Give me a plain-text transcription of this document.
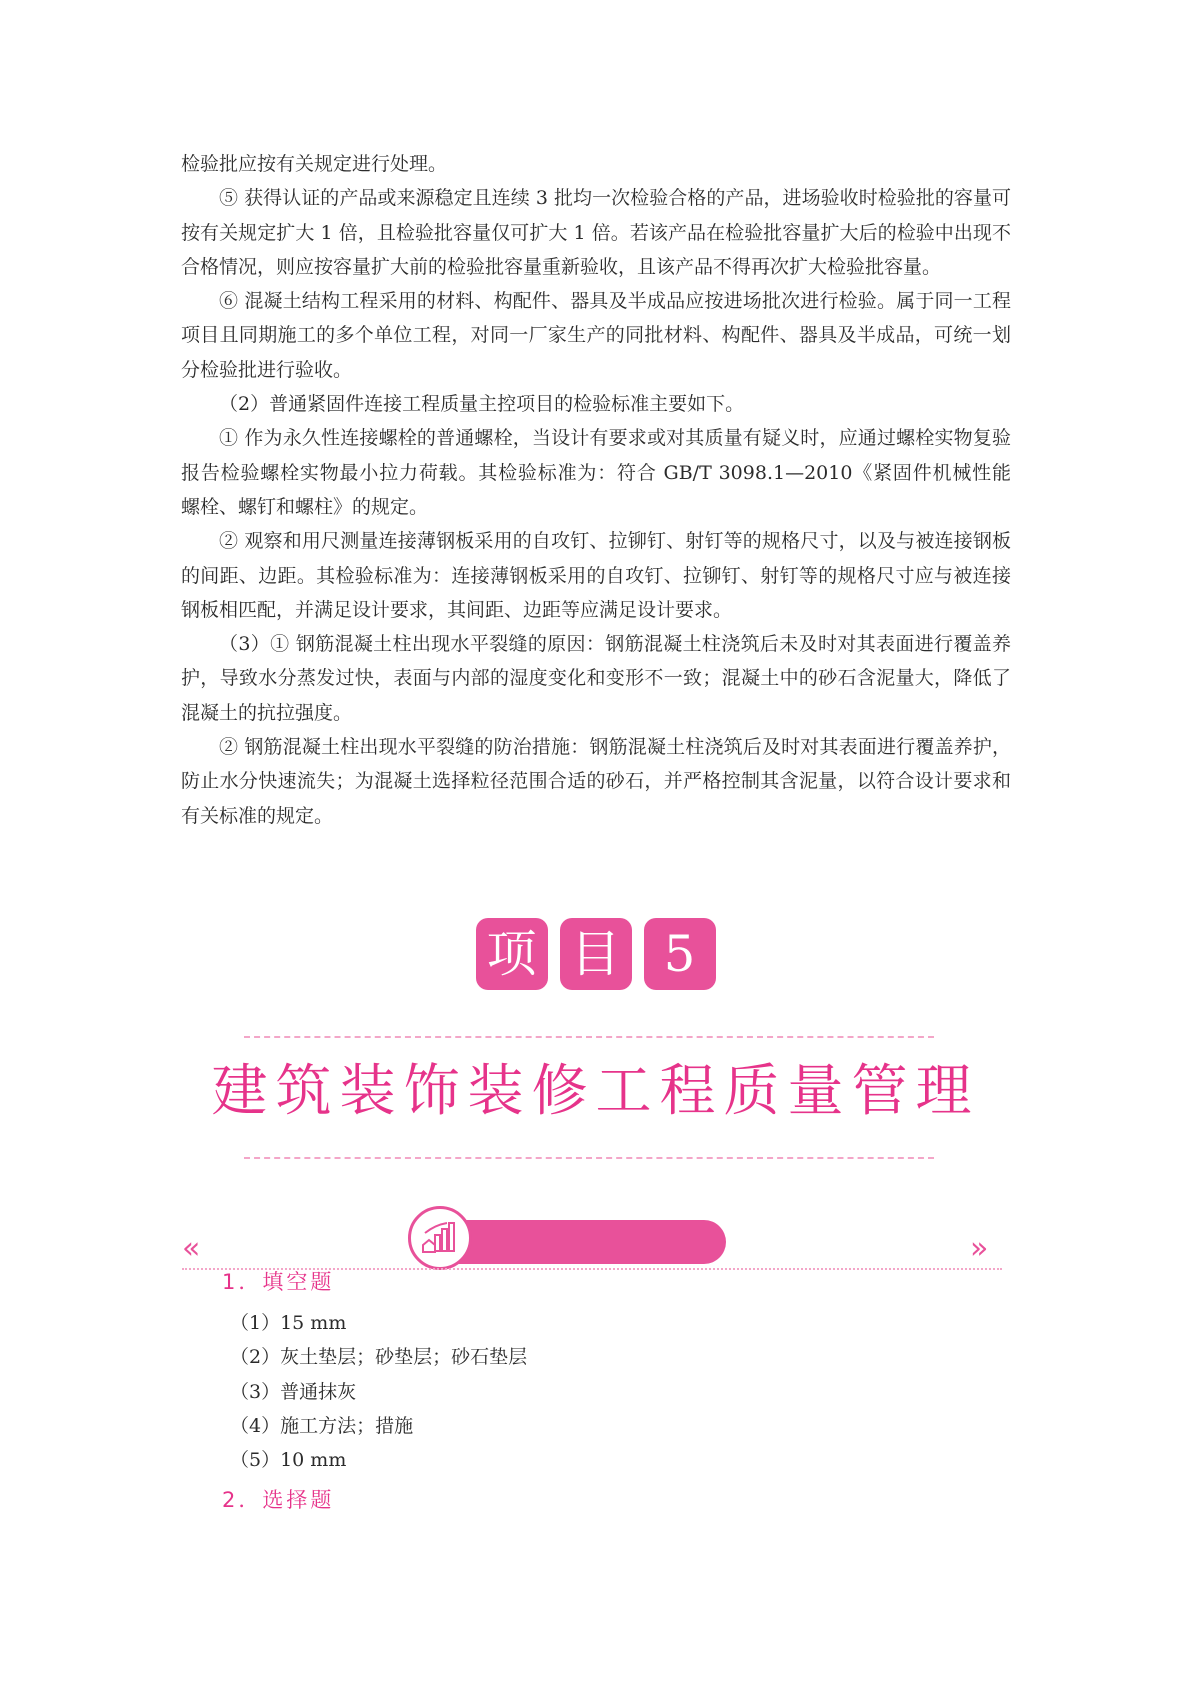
检验批应按有关规定进行处理。

⑤ 获得认证的产品或来源稳定且连续 3 批均一次检验合格的产品，进场验收时检验批的容量可按有关规定扩大 1 倍，且检验批容量仅可扩大 1 倍。若该产品在检验批容量扩大后的检验中出现不合格情况，则应按容量扩大前的检验批容量重新验收，且该产品不得再次扩大检验批容量。

⑥ 混凝土结构工程采用的材料、构配件、器具及半成品应按进场批次进行检验。属于同一工程项目且同期施工的多个单位工程，对同一厂家生产的同批材料、构配件、器具及半成品，可统一划分检验批进行验收。

（2）普通紧固件连接工程质量主控项目的检验标准主要如下。

① 作为永久性连接螺栓的普通螺栓，当设计有要求或对其质量有疑义时，应通过螺栓实物复验报告检验螺栓实物最小拉力荷载。其检验标准为：符合 GB/T 3098.1—2010《紧固件机械性能　螺栓、螺钉和螺柱》的规定。

② 观察和用尺测量连接薄钢板采用的自攻钉、拉铆钉、射钉等的规格尺寸，以及与被连接钢板的间距、边距。其检验标准为：连接薄钢板采用的自攻钉、拉铆钉、射钉等的规格尺寸应与被连接钢板相匹配，并满足设计要求，其间距、边距等应满足设计要求。

（3）① 钢筋混凝土柱出现水平裂缝的原因：钢筋混凝土柱浇筑后未及时对其表面进行覆盖养护，导致水分蒸发过快，表面与内部的湿度变化和变形不一致；混凝土中的砂石含泥量大，降低了混凝土的抗拉强度。

② 钢筋混凝土柱出现水平裂缝的防治措施：钢筋混凝土柱浇筑后及时对其表面进行覆盖养护，防止水分快速流失；为混凝土选择粒径范围合适的砂石，并严格控制其含泥量，以符合设计要求和有关标准的规定。

项 目 5
建筑装饰装修工程质量管理
«	»
1．填空题

（1）15 mm

（2）灰土垫层；砂垫层；砂石垫层

（3）普通抹灰

（4）施工方法；措施

（5）10 mm

2．选择题
